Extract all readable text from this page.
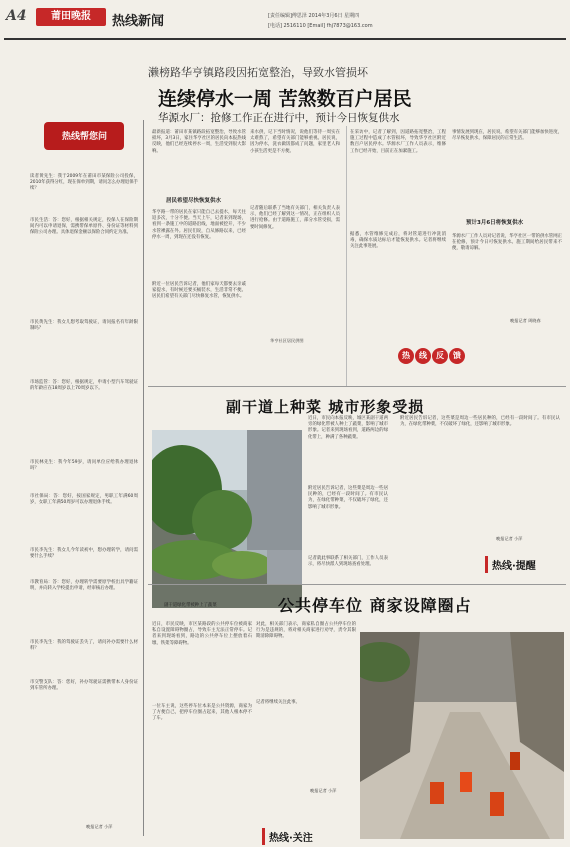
A4	莆田晚报	热线新闻	[责任编辑]傅思泽 2014年3月6日 星期四
[电话] 2516110 [Email] fhj7873@163.com
濑榜路华亨镇路段因拓宽整治，导致水管损坏
连续停水一周 苦煞数百户居民
华源水厂：抢修工作正在进行中，预计今日恢复供水
热线帮您问
读者黄先生：我于2009年在莆田市某保险公司投保，2010年获得分红，现在保单到期，请问怎么办理退保手续？
市民生活：答：您好，根据相关规定，投保人在保险期间内可以申请退保，需携带保单原件、身份证等材料到保险公司办理。具体退保金额以保险合同约定为准。
市民黄先生：我女儿想考取驾驶证，请问报名有年龄限制吗？
市场监管：答：您好，根据规定，申请小型汽车驾驶证的年龄应在18周岁以上70周岁以下。
市民林先生：我今年59岁，请问单位应给我办理退休吗？
市社保局：答：您好，按国家规定，男职工年满60周岁，女职工年满50周岁可以办理退休手续。
市民李先生：我女儿今年读初中，想办理转学，请问需要什么手续？
市教育局：答：您好，办理转学需要原学校出具学籍证明，并向转入学校提出申请，经审核后办理。
市民李先生：我的驾驶证丢失了，请问补办需要什么材料？
市交警支队：答：您好，补办驾驶证需携带本人身份证到车管所办理。
晚报记者 小萍
最新报道：莆田市某镇路段拓宽整治，导致水管损坏，3月3日，家住华亨社区的居民向本报热线反映，他们已经连续停水一周，生活受到很大影响。
居民希望尽快恢复供水
华亨路一带的居民在家只能自己去提水，每天往返多次，十分不便。当天上午，记者来到现场，看到一条施工中的道路沿线，地面被挖开，不少水管裸露在外。居民们说，自从修路以来，已经停水一周，到现在还没有恢复。
附近一位居民告诉记者，他们家每天都要去亲戚家提水，有时候还要买桶装水，生活非常不便。居民们希望有关部门尽快修复水管，恢复供水。
来水供，记下当时情况，说他们等待一周实在太难熬了，希望有关部门能够重视。居民说，因为停水，洗衣做饭都成了问题，家里老人和小孩生活更是不方便。
记者随后联系了当地有关部门，相关负责人表示，他们已经了解到这一情况，正在组织人员进行抢修。由于道路施工，部分水管受损，需要时间修复。
华亨社区居民供图
在采访中，记者了解到，因道路拓宽整治，工程施工过程中造成了水管损坏，导致华亨社区附近数百户居民停水。华源水厂工作人员表示，维修工作已经开始，目前正在加紧施工。
据悉，水管维修完成后，将对管道进行冲洗消毒，确保水质达标后才能恢复供水。记者将继续关注此事进展。
事情发展到现在，居民说，希望有关部门能够加快进度，尽早恢复供水，保障居民的正常生活。
预计3月6日将恢复供水
华源水厂工作人员对记者说，华亨社区一带的供水管网正在抢修，预计今日可恢复供水。施工期间给居民带来不便，敬请谅解。
晚报记者 周晓春
热 线 反 馈
副干道上种菜 城市形象受损
副干道绿化带被种上了蔬菜
近日，市民向本报反映，城区某副干道两旁的绿化带被人种上了蔬菜，影响了城市形象。记者来到现场看到，道路两边的绿化带上，种满了各种蔬菜。
附近居民告诉记者，这些菜是周边一些居民种的，已经有一段时间了。有市民认为，在绿化带种菜，不仅破坏了绿化，还影响了城市形象。
记者就此事联系了相关部门，工作人员表示，将尽快派人到现场查看处理。
附近居民告诉记者，这些菜是周边一些居民种的，已经有一段时间了。有市民认为，在绿化带种菜，不仅破坏了绿化，还影响了城市形象。
晚报记者 小萍
热线·提醒
公共停车位 商家设障圈占
近日，市民反映，市区某路段的公共停车位被商家私自设置障碍物圈占，导致车主无法正常停车。记者来到现场看到，路边的公共停车位上摆放着石墩、铁架等障碍物。
一位车主说，这些停车位本来是公共资源，商家为了方便自己，把停车位圈占起来，其他人根本停不了车。
对此，相关部门表示，商家私自圈占公共停车位的行为是违规的，将对相关商家进行劝导，责令其限期清除障碍物。
记者将继续关注此事。
晚报记者 小萍
热线·关注
